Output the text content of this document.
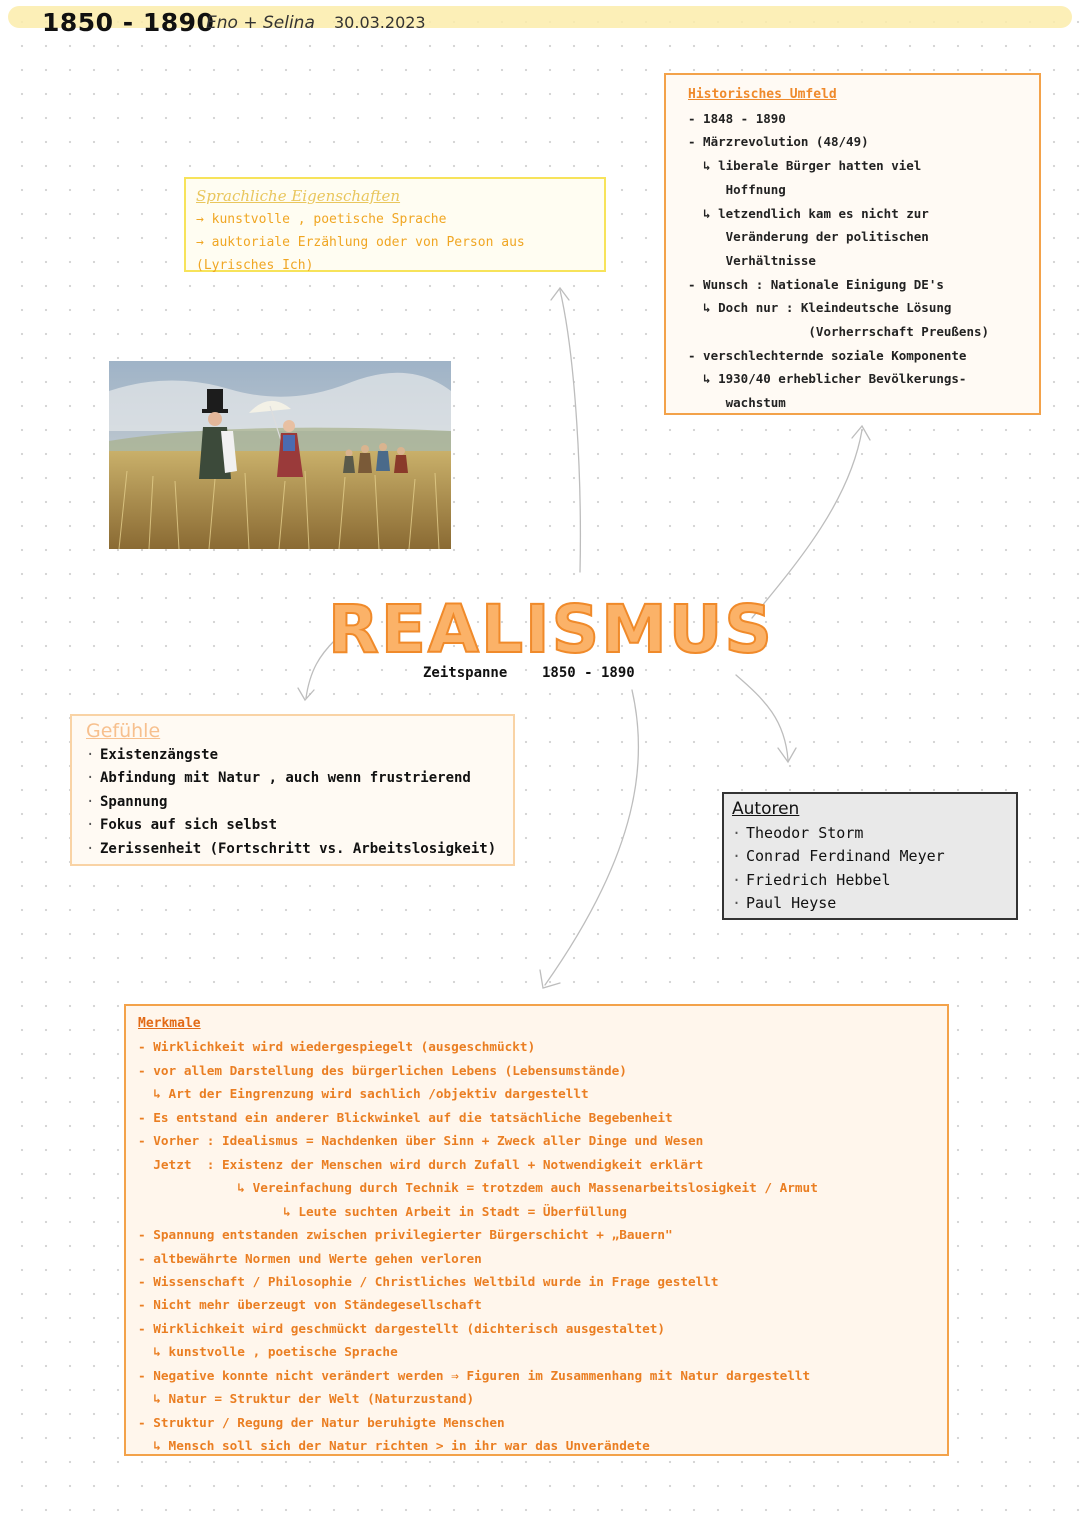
1850 - 1890
Eno + Selina 30.03.2023
Sprachliche Eigenschaften
→ kunstvolle , poetische Sprache
→ auktoriale Erzählung oder von Person aus
(Lyrisches Ich)
Historisches Umfeld
- 1848 - 1890
- Märzrevolution (48/49)
↳ liberale Bürger hatten viel
Hoffnung
↳ letzendlich kam es nicht zur
Veränderung der politischen
Verhältnisse
- Wunsch : Nationale Einigung DE's
↳ Doch nur : Kleindeutsche Lösung
(Vorherrschaft Preußens)
- verschlechternde soziale Komponente
↳ 1930/40 erheblicher Bevölkerungs-
wachstum
REALISMUS
Zeitspanne 1850 - 1890
Gefühle
· Existenzängste
· Abfindung mit Natur , auch wenn frustrierend
· Spannung
· Fokus auf sich selbst
· Zerissenheit (Fortschritt vs. Arbeitslosigkeit)
Autoren
· Theodor Storm
· Conrad Ferdinand Meyer
· Friedrich Hebbel
· Paul Heyse
Merkmale
- Wirklichkeit wird wiedergespiegelt (ausgeschmückt)
- vor allem Darstellung des bürgerlichen Lebens (Lebensumstände)
↳ Art der Eingrenzung wird sachlich /objektiv dargestellt
- Es entstand ein anderer Blickwinkel auf die tatsächliche Begebenheit
- Vorher : Idealismus = Nachdenken über Sinn + Zweck aller Dinge und Wesen
Jetzt  : Existenz der Menschen wird durch Zufall + Notwendigkeit erklärt
↳ Vereinfachung durch Technik = trotzdem auch Massenarbeitslosigkeit / Armut
↳ Leute suchten Arbeit in Stadt = Überfüllung
- Spannung entstanden zwischen privilegierter Bürgerschicht + „Bauern"
- altbewährte Normen und Werte gehen verloren
- Wissenschaft / Philosophie / Christliches Weltbild wurde in Frage gestellt
- Nicht mehr überzeugt von Ständegesellschaft
- Wirklichkeit wird geschmückt dargestellt (dichterisch ausgestaltet)
↳ kunstvolle , poetische Sprache
- Negative konnte nicht verändert werden ⇒ Figuren im Zusammenhang mit Natur dargestellt
↳ Natur = Struktur der Welt (Naturzustand)
- Struktur / Regung der Natur beruhigte Menschen
↳ Mensch soll sich der Natur richten > in ihr war das Unverändete
